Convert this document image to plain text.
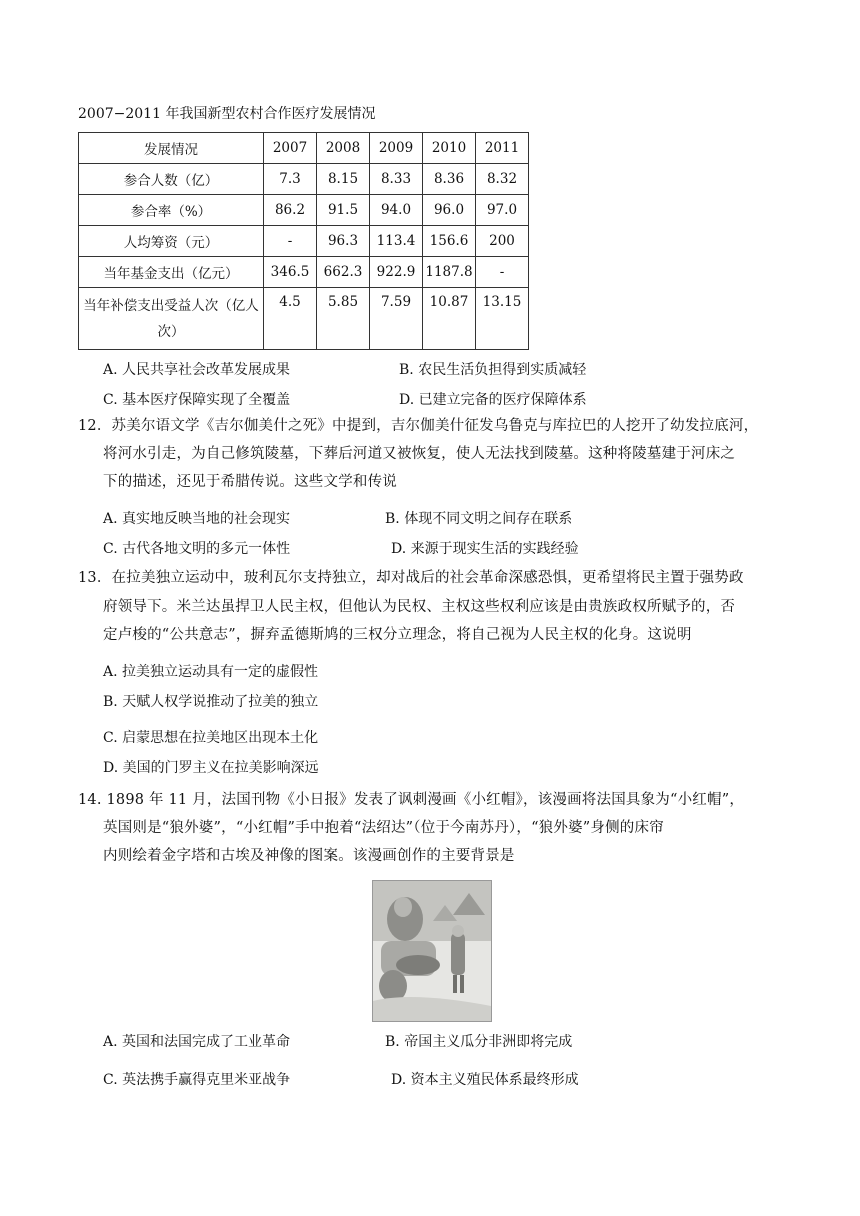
2007−2011 年我国新型农村合作医疗发展情况
发展情况	2007	2008	2009	2010	2011
参合人数（亿）	7.3	8.15	8.33	8.36	8.32
参合率（%）	86.2	91.5	94.0	96.0	97.0
人均筹资（元）	-	96.3	113.4	156.6	200
当年基金支出（亿元）	346.5	662.3	922.9	1187.8	-
当年补偿支出受益人次（亿人次）	4.5	5.85	7.59	10.87	13.15
A. 人民共享社会改革发展成果	B. 农民生活负担得到实质减轻
C. 基本医疗保障实现了全覆盖	D. 已建立完备的医疗保障体系
12．苏美尔语文学《吉尔伽美什之死》中提到，吉尔伽美什征发乌鲁克与库拉巴的人挖开了幼发拉底河，
将河水引走，为自己修筑陵墓，下葬后河道又被恢复，使人无法找到陵墓。这种将陵墓建于河床之
下的描述，还见于希腊传说。这些文学和传说
A. 真实地反映当地的社会现实	B. 体现不同文明之间存在联系
C. 古代各地文明的多元一体性	D. 来源于现实生活的实践经验
13．在拉美独立运动中，玻利瓦尔支持独立，却对战后的社会革命深感恐惧，更希望将民主置于强势政
府领导下。米兰达虽捍卫人民主权，但他认为民权、主权这些权利应该是由贵族政权所赋予的，否
定卢梭的“公共意志”，摒弃孟德斯鸠的三权分立理念，将自己视为人民主权的化身。这说明
A. 拉美独立运动具有一定的虚假性
B. 天赋人权学说推动了拉美的独立
C. 启蒙思想在拉美地区出现本土化
D. 美国的门罗主义在拉美影响深远
14. 1898 年 11 月，法国刊物《小日报》发表了讽刺漫画《小红帽》，该漫画将法国具象为“小红帽”，
英国则是“狼外婆”，“小红帽”手中抱着“法绍达”（位于今南苏丹），“狼外婆”身侧的床帘
内则绘着金字塔和古埃及神像的图案。该漫画创作的主要背景是
A. 英国和法国完成了工业革命	B. 帝国主义瓜分非洲即将完成
C. 英法携手赢得克里米亚战争	D. 资本主义殖民体系最终形成
